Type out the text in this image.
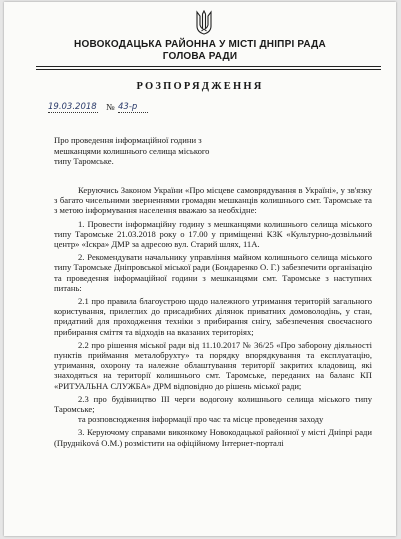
НОВОКОДАЦЬКА РАЙОННА У МІСТІ ДНІПРІ РАДА
ГОЛОВА РАДИ
РОЗПОРЯДЖЕННЯ
19.03.2018 № 43-р
Про проведення інформаційної години з мешканцями колишнього селища міського типу Таромське.

Керуючись Законом України «Про місцеве самоврядування в Україні», у зв'язку з багато чисельними зверненнями громадян мешканців колишнього смт. Таромське та з метою інформування населення вважаю за необхідне:

1. Провести інформаційну годину з мешканцями колишнього селища міського типу Таромське 21.03.2018 року о 17.00 у приміщенні КЗК «Культурно-дозвільний центр» «Іскра» ДМР за адресою вул. Старий шлях, 11А.

2. Рекомендувати начальнику управління майном колишнього селища міського типу Таромське Дніпровської міської ради (Бондаренко О. Г.) забезпечити організацію та проведення інформаційної години з мешканцями смт. Таромське з наступних питань:

2.1 про правила благоустрою щодо належного утримання територій загального користування, прилеглих до присадибних ділянок приватних домоволодінь, у стан, придатний для проходження техніки з прибирання снігу, забезпечення своєчасного прибирання сміття та відходів на вказаних територіях;

2.2 про рішення міської ради від 11.10.2017 № 36/25 «Про заборону діяльності пунктів приймання металобрухту» та порядку впорядкування та експлуатацію, утримання, охорону та належне облаштування території закритих кладовищ, які знаходяться на території колишнього смт. Таромське, переданих на баланс КП «РИТУАЛЬНА СЛУЖБА» ДРМ відповідно до рішень міської ради;

2.3 про будівництво ІІІ черги водогону колишнього селища міського типу Таромське;

та розповсюдження інформації про час та місце проведення заходу

3. Керуючому справами виконкому Новокодацької районної у місті Дніпрі ради (Прудніková О.М.) розмістити на офіційному Інтернет-порталі
